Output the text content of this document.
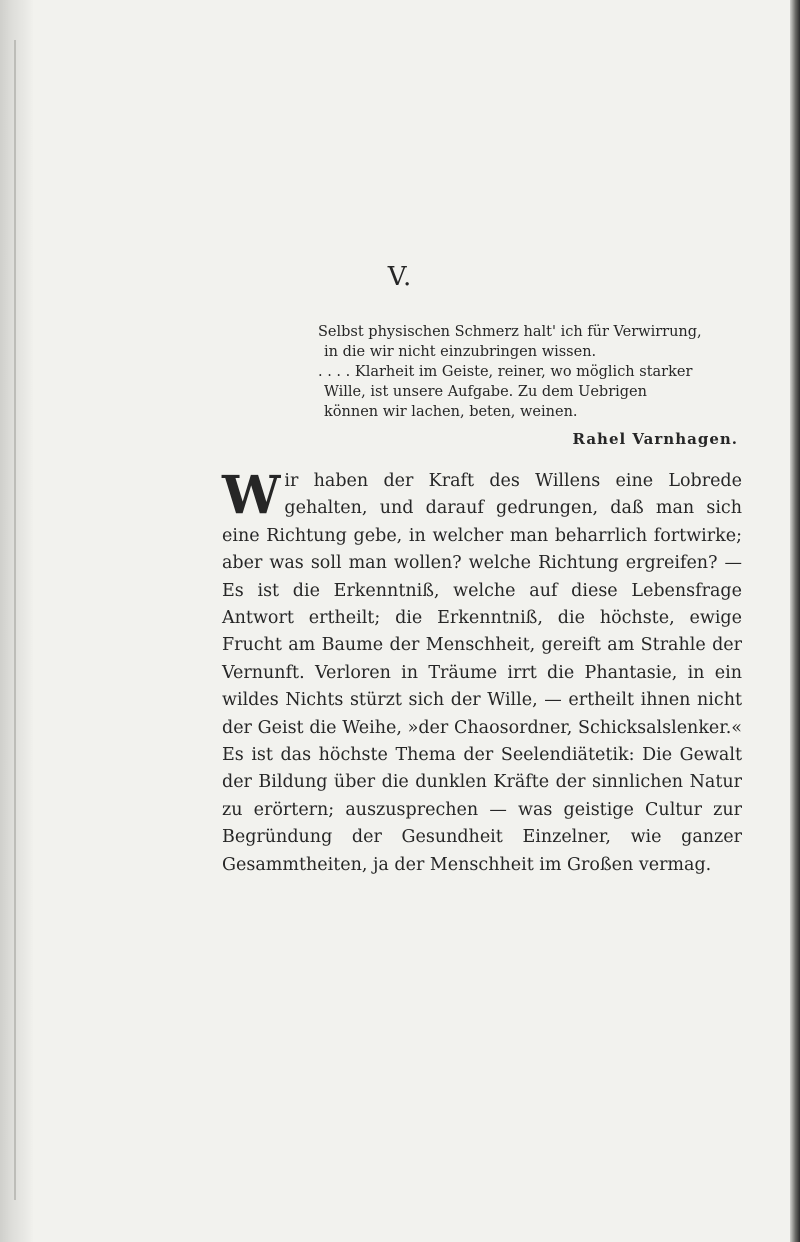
V.

Selbst physischen Schmerz halt' ich für Verwirrung,

in die wir nicht einzubringen wissen.

. . . . Klarheit im Geiste, reiner, wo möglich starker

Wille, ist unsere Aufgabe. Zu dem Uebrigen

können wir lachen, beten, weinen.

Rahel Varnhagen.
W ir haben der Kraft des Willens eine Lobrede gehalten, und darauf gedrungen, daß man sich eine Richtung gebe, in welcher man beharrlich fortwirke; aber was soll man wollen? welche Richtung ergreifen? — Es ist die Erkenntniß, welche auf diese Lebensfrage Antwort ertheilt; die Erkenntniß, die höchste, ewige Frucht am Baume der Menschheit, gereift am Strahle der Vernunft. Verloren in Träume irrt die Phantasie, in ein wildes Nichts stürzt sich der Wille, — ertheilt ihnen nicht der Geist die Weihe, »der Chaosordner, Schicksalslenker.« Es ist das höchste Thema der Seelendiätetik: Die Gewalt der Bildung über die dunklen Kräfte der sinnlichen Natur zu erörtern; auszusprechen — was geistige Cultur zur Begründung der Gesundheit Einzelner, wie ganzer Gesammtheiten, ja der Menschheit im Großen vermag.
